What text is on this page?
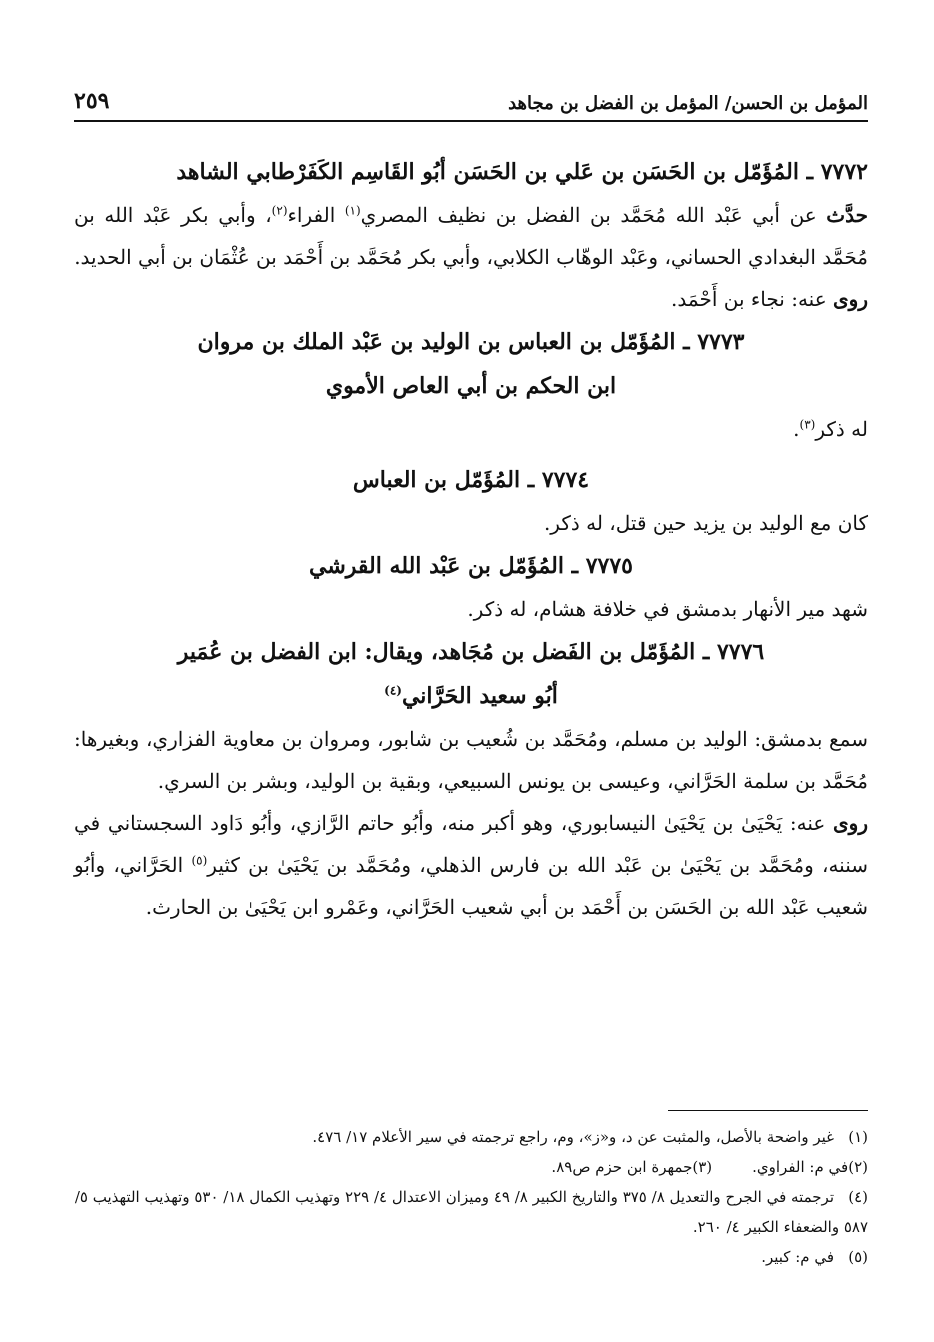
٢٥٩	المؤمل بن الحسن/ المؤمل بن الفضل بن مجاهد
٧٧٧٢ ـ المُؤَمّل بن الحَسَن بن عَلي بن الحَسَن أبُو القَاسِم الكَفَرْطابي الشاهد
حدَّث عن أبي عَبْد الله مُحَمَّد بن الفضل بن نظيف المصري$^{(١)}$ الفراء$^{(٢)}$، وأبي بكر عَبْد الله بن مُحَمَّد البغدادي الحساني، وعَبْد الوهّاب الكلابي، وأبي بكر مُحَمَّد بن أَحْمَد بن عُثْمَان بن أبي الحديد.
روى عنه: نجاء بن أَحْمَد.
٧٧٧٣ ـ المُؤَمّل بن العباس بن الوليد بن عَبْد الملك بن مروان
ابن الحكم بن أبي العاص الأموي
له ذكر$^{(٣)}$.
٧٧٧٤ ـ المُؤَمّل بن العباس
كان مع الوليد بن يزيد حين قتل، له ذكر.
٧٧٧٥ ـ المُؤَمّل بن عَبْد الله القرشي
شهد مير الأنهار بدمشق في خلافة هشام، له ذكر.
٧٧٧٦ ـ المُؤَمّل بن الفَضل بن مُجَاهد، ويقال: ابن الفضل بن عُمَير
أبُو سعيد الحَرَّاني$^{(٤)}$
سمع بدمشق: الوليد بن مسلم، ومُحَمَّد بن شُعيب بن شابور، ومروان بن معاوية الفزاري، وبغيرها: مُحَمَّد بن سلمة الحَرَّاني، وعيسى بن يونس السبيعي، وبقية بن الوليد، وبشر بن السري.
روى عنه: يَحْيَىٰ بن يَحْيَىٰ النيسابوري، وهو أكبر منه، وأبُو حاتم الرَّازي، وأبُو دَاود السجستاني في سننه، ومُحَمَّد بن يَحْيَىٰ بن عَبْد الله بن فارس الذهلي، ومُحَمَّد بن يَحْيَىٰ بن كثير$^{(٥)}$ الحَرَّاني، وأبُو شعيب عَبْد الله بن الحَسَن بن أَحْمَد بن أبي شعيب الحَرَّاني، وعَمْرو ابن يَحْيَىٰ بن الحارث.
(١)غير واضحة بالأصل، والمثبت عن د، و«ز»، وم، راجع ترجمته في سير الأعلام ١٧/ ٤٧٦.
(٢)في م: الفراوي.
(٣)جمهرة ابن حزم ص٨٩.
(٤)ترجمته في الجرح والتعديل ٨/ ٣٧٥ والتاريخ الكبير ٨/ ٤٩ وميزان الاعتدال ٤/ ٢٢٩ وتهذيب الكمال ١٨/ ٥٣٠ وتهذيب التهذيب ٥/ ٥٨٧ والضعفاء الكبير ٤/ ٢٦٠.
(٥)في م: كبير.
